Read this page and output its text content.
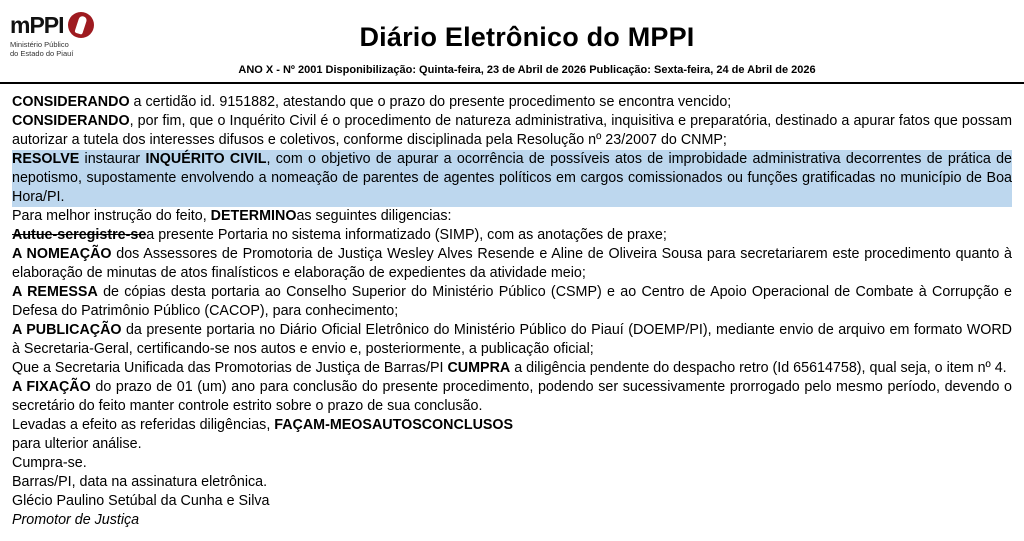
mPPI
Ministério Público
do Estado do Piauí
Diário Eletrônico do MPPI
ANO X - Nº 2001 Disponibilização: Quinta-feira, 23 de Abril de 2026 Publicação: Sexta-feira, 24 de Abril de 2026

CONSIDERANDO a certidão id. 9151882, atestando que o prazo do presente procedimento se encontra vencido;

CONSIDERANDO, por fim, que o Inquérito Civil é o procedimento de natureza administrativa, inquisitiva e preparatória, destinado a apurar fatos que possam autorizar a tutela dos interesses difusos e coletivos, conforme disciplinada pela Resolução nº 23/2007 do CNMP;

RESOLVE instaurar INQUÉRITO CIVIL, com o objetivo de apurar a ocorrência de possíveis atos de improbidade administrativa decorrentes de prática de nepotismo, supostamente envolvendo a nomeação de parentes de agentes políticos em cargos comissionados ou funções gratificadas no município de Boa Hora/PI.

Para melhor instrução do feito, DETERMINOas seguintes diligencias:

Autue-seregistre-sea presente Portaria no sistema informatizado (SIMP), com as anotações de praxe;

A NOMEAÇÃO dos Assessores de Promotoria de Justiça Wesley Alves Resende e Aline de Oliveira Sousa para secretariarem este procedimento quanto à elaboração de minutas de atos finalísticos e elaboração de expedientes da atividade meio;

A REMESSA de cópias desta portaria ao Conselho Superior do Ministério Público (CSMP) e ao Centro de Apoio Operacional de Combate à Corrupção e Defesa do Patrimônio Público (CACOP), para conhecimento;

A PUBLICAÇÃO da presente portaria no Diário Oficial Eletrônico do Ministério Público do Piauí (DOEMP/PI), mediante envio de arquivo em formato WORD à Secretaria-Geral, certificando-se nos autos e envio e, posteriormente, a publicação oficial;

Que a Secretaria Unificada das Promotorias de Justiça de Barras/PI CUMPRA a diligência pendente do despacho retro (Id 65614758), qual seja, o item nº 4.

A FIXAÇÃO do prazo de 01 (um) ano para conclusão do presente procedimento, podendo ser sucessivamente prorrogado pelo mesmo período, devendo o secretário do feito manter controle estrito sobre o prazo de sua conclusão.

Levadas a efeito as referidas diligências, FAÇAM-MEOSAUTOSCONCLUSOS

para ulterior análise.

Cumpra-se.

Barras/PI, data na assinatura eletrônica.

Glécio Paulino Setúbal da Cunha e Silva

Promotor de Justiça
